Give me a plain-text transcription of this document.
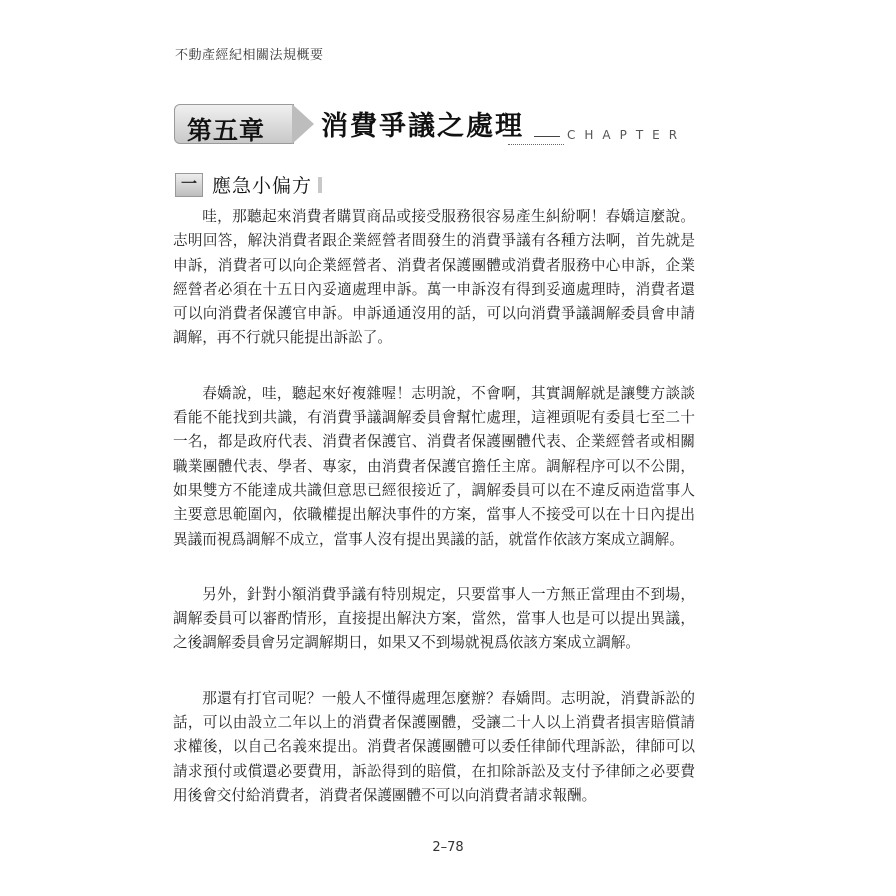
不動產經紀相關法規概要
第五章 消費爭議之處理	CHAPTER
一 應急小偏方

哇，那聽起來消費者購買商品或接受服務很容易產生糾紛啊！春嬌這麼說。志明回答，解決消費者跟企業經營者間發生的消費爭議有各種方法啊，首先就是申訴，消費者可以向企業經營者、消費者保護團體或消費者服務中心申訴，企業經營者必須在十五日內妥適處理申訴。萬一申訴沒有得到妥適處理時，消費者還可以向消費者保護官申訴。申訴通通沒用的話，可以向消費爭議調解委員會申請調解，再不行就只能提出訴訟了。

春嬌說，哇，聽起來好複雜喔！志明說，不會啊，其實調解就是讓雙方談談看能不能找到共識，有消費爭議調解委員會幫忙處理，這裡頭呢有委員七至二十一名，都是政府代表、消費者保護官、消費者保護團體代表、企業經營者或相關職業團體代表、學者、專家，由消費者保護官擔任主席。調解程序可以不公開，如果雙方不能達成共識但意思已經很接近了，調解委員可以在不違反兩造當事人主要意思範圍內，依職權提出解決事件的方案，當事人不接受可以在十日內提出異議而視爲調解不成立，當事人沒有提出異議的話，就當作依該方案成立調解。

另外，針對小額消費爭議有特別規定，只要當事人一方無正當理由不到場，調解委員可以審酌情形，直接提出解決方案，當然，當事人也是可以提出異議，之後調解委員會另定調解期日，如果又不到場就視爲依該方案成立調解。

那還有打官司呢？一般人不懂得處理怎麼辦？春嬌問。志明說，消費訴訟的話，可以由設立二年以上的消費者保護團體，受讓二十人以上消費者損害賠償請求權後，以自己名義來提出。消費者保護團體可以委任律師代理訴訟，律師可以請求預付或償還必要費用，訴訟得到的賠償，在扣除訴訟及支付予律師之必要費用後會交付給消費者，消費者保護團體不可以向消費者請求報酬。

2–78
